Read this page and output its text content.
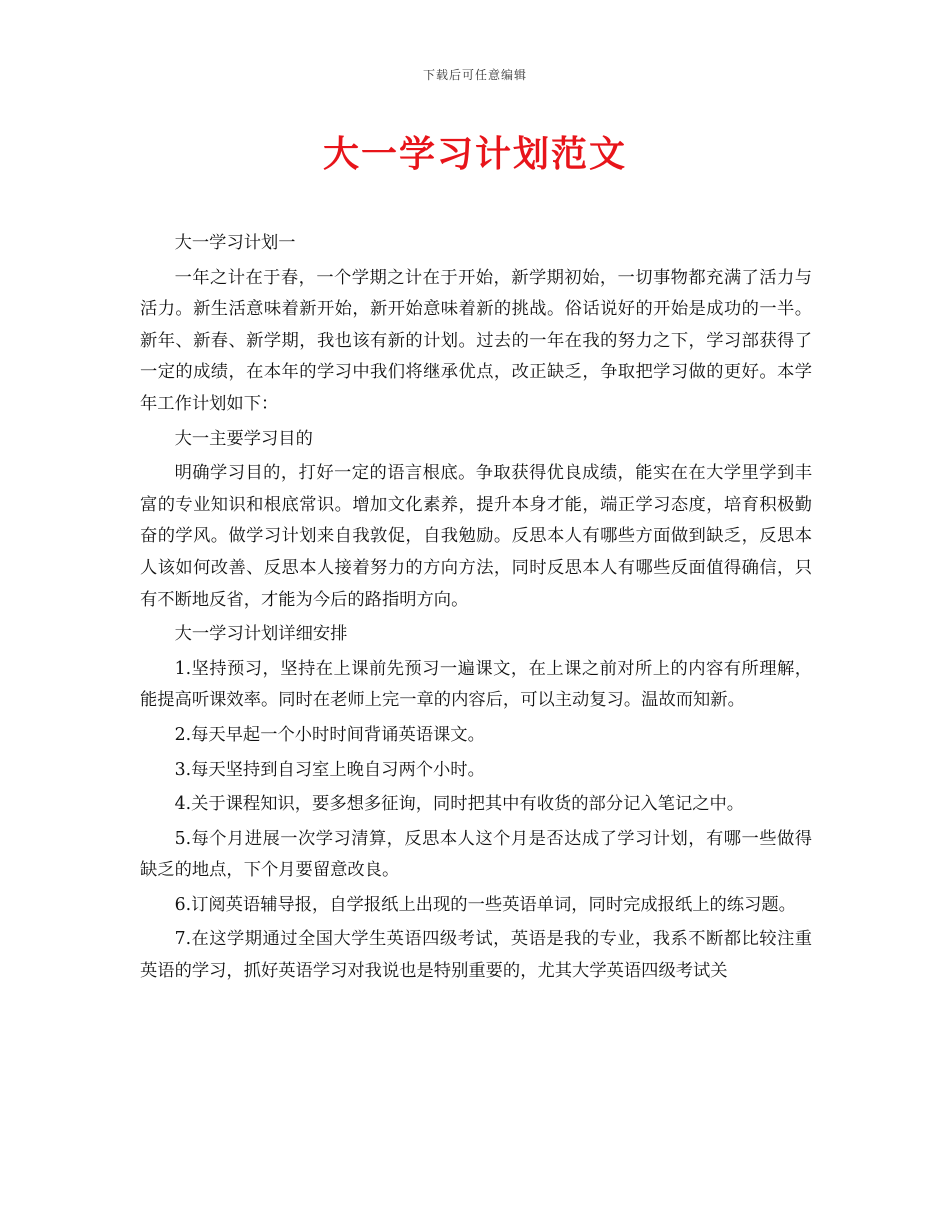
下载后可任意编辑
大一学习计划范文

大一学习计划一

一年之计在于春，一个学期之计在于开始，新学期初始，一切事物都充满了活力与活力。新生活意味着新开始，新开始意味着新的挑战。俗话说好的开始是成功的一半。新年、新春、新学期，我也该有新的计划。过去的一年在我的努力之下，学习部获得了一定的成绩，在本年的学习中我们将继承优点，改正缺乏，争取把学习做的更好。本学年工作计划如下：

大一主要学习目的

明确学习目的，打好一定的语言根底。争取获得优良成绩，能实在在大学里学到丰富的专业知识和根底常识。增加文化素养，提升本身才能，端正学习态度，培育积极勤奋的学风。做学习计划来自我敦促，自我勉励。反思本人有哪些方面做到缺乏，反思本人该如何改善、反思本人接着努力的方向方法，同时反思本人有哪些反面值得确信，只有不断地反省，才能为今后的路指明方向。

大一学习计划详细安排

1.坚持预习，坚持在上课前先预习一遍课文，在上课之前对所上的内容有所理解，能提高听课效率。同时在老师上完一章的内容后，可以主动复习。温故而知新。

2.每天早起一个小时时间背诵英语课文。

3.每天坚持到自习室上晚自习两个小时。

4.关于课程知识，要多想多征询，同时把其中有收货的部分记入笔记之中。

5.每个月进展一次学习清算，反思本人这个月是否达成了学习计划，有哪一些做得缺乏的地点，下个月要留意改良。

6.订阅英语辅导报，自学报纸上出现的一些英语单词，同时完成报纸上的练习题。

7.在这学期通过全国大学生英语四级考试，英语是我的专业，我系不断都比较注重英语的学习，抓好英语学习对我说也是特别重要的，尤其大学英语四级考试关
